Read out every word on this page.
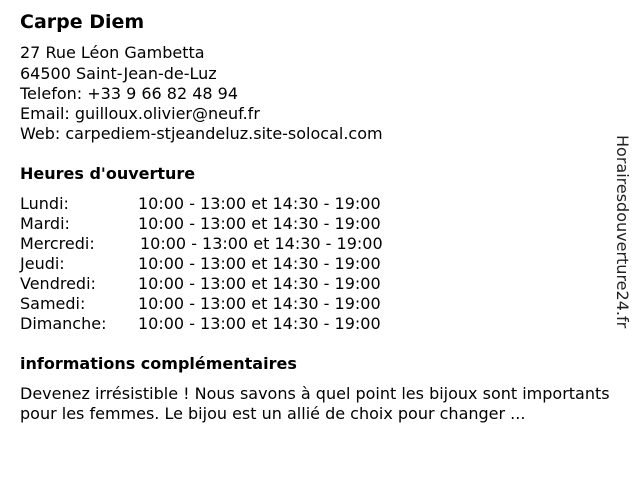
Carpe Diem
27 Rue Léon Gambetta
64500 Saint-Jean-de-Luz
Telefon: +33 9 66 82 48 94
Email: guilloux.olivier@neuf.fr
Web: carpediem-stjeandeluz.site-solocal.com
Heures d'ouverture
Lundi:	10:00 - 13:00 et 14:30 - 19:00
Mardi:	10:00 - 13:00 et 14:30 - 19:00
Mercredi:	10:00 - 13:00 et 14:30 - 19:00
Jeudi:	10:00 - 13:00 et 14:30 - 19:00
Vendredi:	10:00 - 13:00 et 14:30 - 19:00
Samedi:	10:00 - 13:00 et 14:30 - 19:00
Dimanche: 10:00 - 13:00 et 14:30 - 19:00
informations complémentaires
Devenez irrésistible ! Nous savons à quel point les bijoux sont importants pour les femmes. Le bijou est un allié de choix pour changer ...
Horairesdouverture24.fr
